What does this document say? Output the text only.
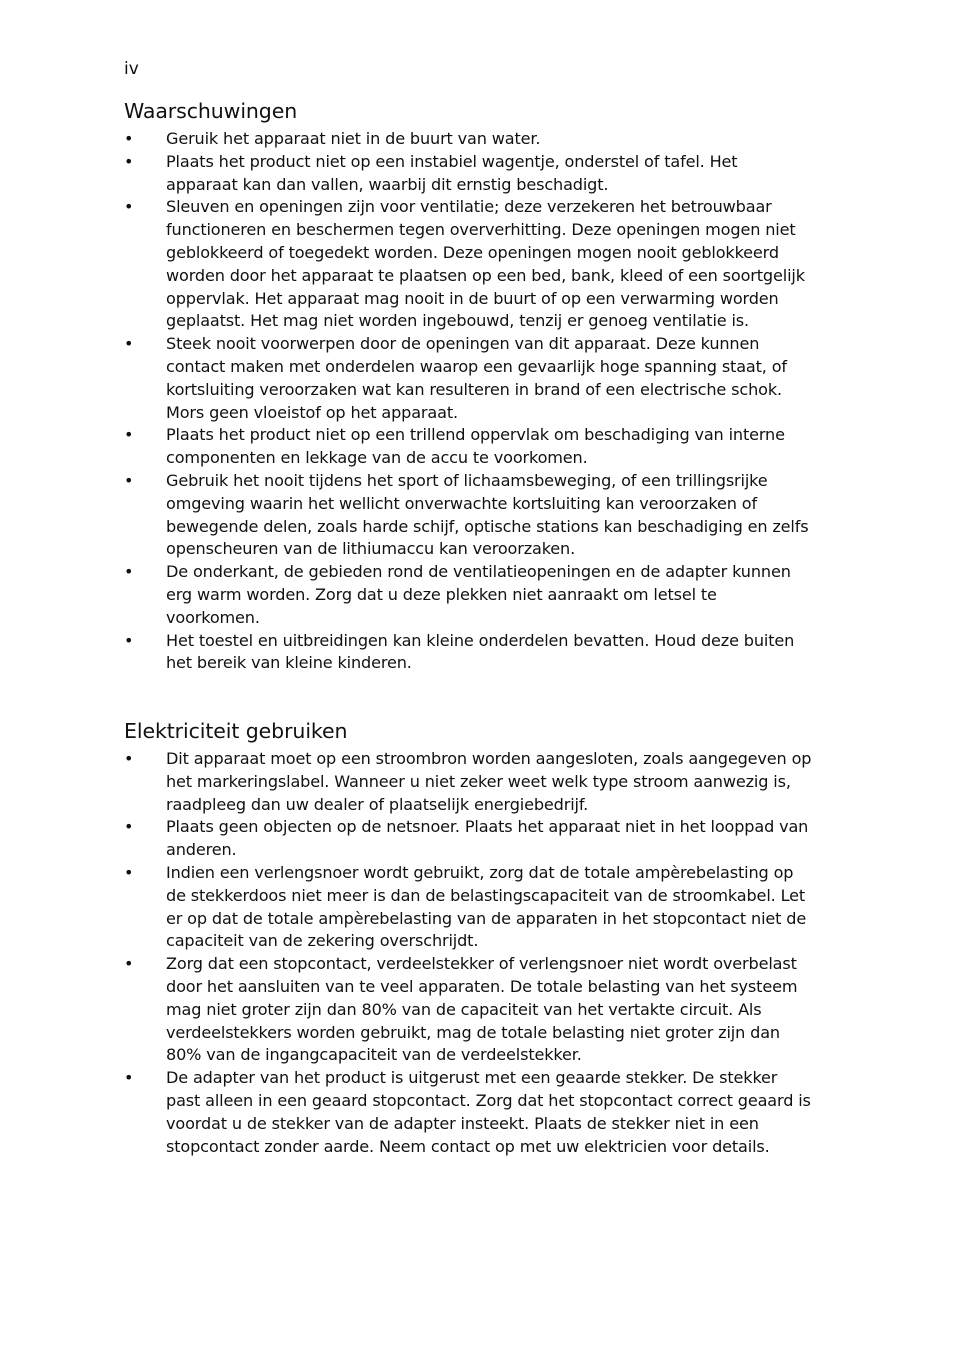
iv

Waarschuwingen
• Geruik het apparaat niet in de buurt van water.
• Plaats het product niet op een instabiel wagentje, onderstel of tafel. Het apparaat kan dan vallen, waarbij dit ernstig beschadigt.
• Sleuven en openingen zijn voor ventilatie; deze verzekeren het betrouwbaar functioneren en beschermen tegen oververhitting. Deze openingen mogen niet geblokkeerd of toegedekt worden. Deze openingen mogen nooit geblokkeerd worden door het apparaat te plaatsen op een bed, bank, kleed of een soortgelijk oppervlak. Het apparaat mag nooit in de buurt of op een verwarming worden geplaatst. Het mag niet worden ingebouwd, tenzij er genoeg ventilatie is.
• Steek nooit voorwerpen door de openingen van dit apparaat. Deze kunnen contact maken met onderdelen waarop een gevaarlijk hoge spanning staat, of kortsluiting veroorzaken wat kan resulteren in brand of een electrische schok. Mors geen vloeistof op het apparaat.
• Plaats het product niet op een trillend oppervlak om beschadiging van interne componenten en lekkage van de accu te voorkomen.
• Gebruik het nooit tijdens het sport of lichaamsbeweging, of een trillingsrijke omgeving waarin het wellicht onverwachte kortsluiting kan veroorzaken of bewegende delen, zoals harde schijf, optische stations kan beschadiging en zelfs openscheuren van de lithiumaccu kan veroorzaken.
• De onderkant, de gebieden rond de ventilatieopeningen en de adapter kunnen erg warm worden. Zorg dat u deze plekken niet aanraakt om letsel te voorkomen.
• Het toestel en uitbreidingen kan kleine onderdelen bevatten. Houd deze buiten het bereik van kleine kinderen.
Elektriciteit gebruiken
• Dit apparaat moet op een stroombron worden aangesloten, zoals aangegeven op het markeringslabel. Wanneer u niet zeker weet welk type stroom aanwezig is, raadpleeg dan uw dealer of plaatselijk energiebedrijf.
• Plaats geen objecten op de netsnoer. Plaats het apparaat niet in het looppad van anderen.
• Indien een verlengsnoer wordt gebruikt, zorg dat de totale ampèrebelasting op de stekkerdoos niet meer is dan de belastingscapaciteit van de stroomkabel. Let er op dat de totale ampèrebelasting van de apparaten in het stopcontact niet de capaciteit van de zekering overschrijdt.
• Zorg dat een stopcontact, verdeelstekker of verlengsnoer niet wordt overbelast door het aansluiten van te veel apparaten. De totale belasting van het systeem mag niet groter zijn dan 80% van de capaciteit van het vertakte circuit. Als verdeelstekkers worden gebruikt, mag de totale belasting niet groter zijn dan 80% van de ingangcapaciteit van de verdeelstekker.
• De adapter van het product is uitgerust met een geaarde stekker. De stekker past alleen in een geaard stopcontact. Zorg dat het stopcontact correct geaard is voordat u de stekker van de adapter insteekt. Plaats de stekker niet in een stopcontact zonder aarde. Neem contact op met uw elektricien voor details.
